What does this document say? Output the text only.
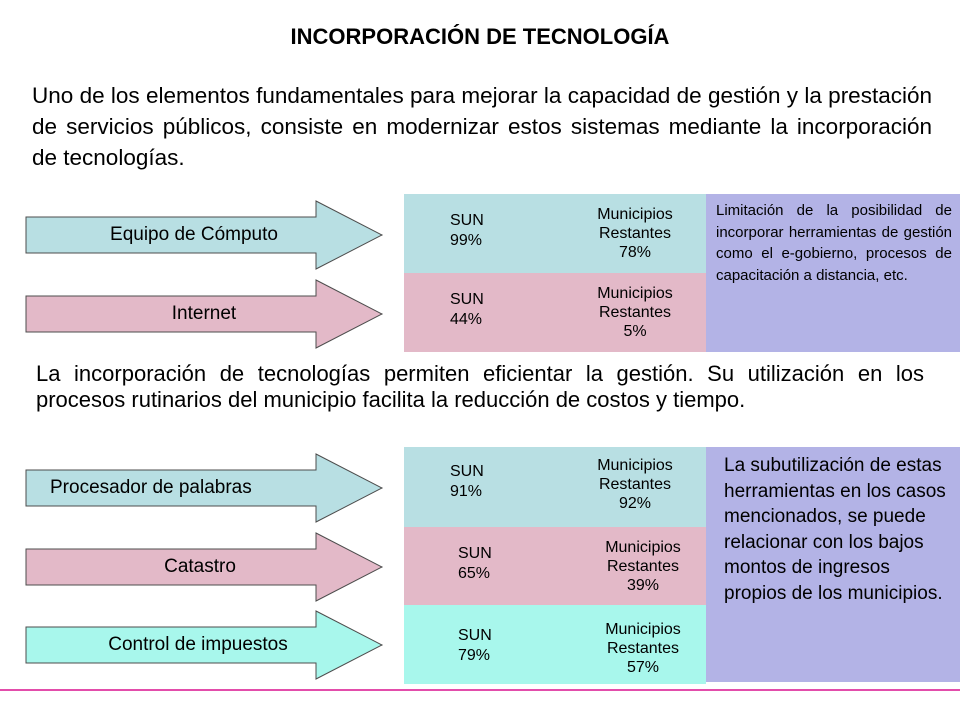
INCORPORACIÓN DE TECNOLOGÍA
Uno de los elementos fundamentales para mejorar la capacidad de gestión y la prestación de servicios públicos, consiste en modernizar estos sistemas mediante la incorporación de tecnologías.
Equipo de Cómputo
Internet
SUN
99%
Municipios Restantes
78%
SUN
44%
Municipios Restantes
5%
Limitación de la posibilidad de incorporar herramientas de gestión como el e-gobierno, procesos de capacitación a distancia, etc.
La incorporación de tecnologías permiten eficientar la gestión. Su utilización en los procesos rutinarios del municipio facilita la reducción de costos y tiempo.
Procesador de palabras
Catastro
Control de impuestos
SUN
91%
Municipios Restantes
92%
SUN
65%
Municipios Restantes
39%
SUN
79%
Municipios Restantes
57%
La subutilización de estas herramientas en los casos mencionados, se puede relacionar con los bajos montos de ingresos propios de los municipios.
